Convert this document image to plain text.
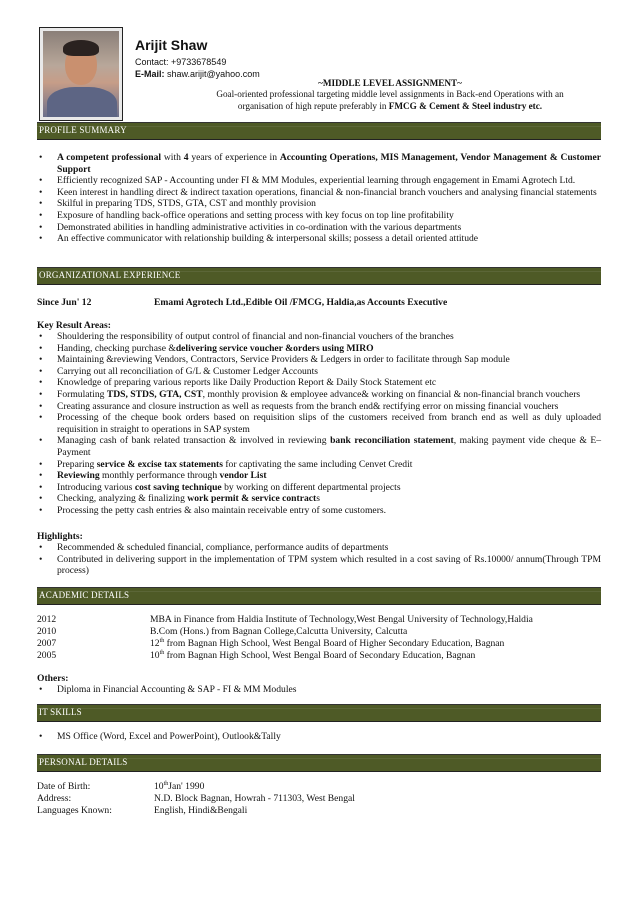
Arijit Shaw
Contact: +9733678549
E-Mail: shaw.arijit@yahoo.com
~MIDDLE LEVEL ASSIGNMENT~
Goal-oriented professional targeting middle level assignments in Back-end Operations with an
organisation of high repute preferably in FMCG & Cement & Steel industry etc.
PROFILE SUMMARY
• A competent professional with 4 years of experience in Accounting Operations, MIS Management, Vendor Management & Customer Support
• Efficiently recognized SAP - Accounting under FI & MM Modules, experiential learning through engagement in Emami Agrotech Ltd.
• Keen interest in handling direct & indirect taxation operations, financial & non-financial branch vouchers and analysing financial statements
• Skilful in preparing TDS, STDS, GTA, CST and monthly provision
• Exposure of handling back-office operations and setting process with key focus on top line profitability
• Demonstrated abilities in handling administrative activities in co-ordination with the various departments
• An effective communicator with relationship building & interpersonal skills; possess a detail oriented attitude
ORGANIZATIONAL EXPERIENCE
Since Jun' 12	Emami Agrotech Ltd.,Edible Oil /FMCG, Haldia,as Accounts Executive
Key Result Areas:
• Shouldering the responsibility of output control of financial and non-financial vouchers of the branches
• Handing, checking purchase &delivering service voucher &orders using MIRO
• Maintaining &reviewing Vendors, Contractors, Service Providers & Ledgers in order to facilitate through Sap module
• Carrying out all reconciliation of G/L & Customer Ledger Accounts
• Knowledge of preparing various reports like Daily Production Report & Daily Stock Statement etc
• Formulating TDS, STDS, GTA, CST, monthly provision & employee advance& working on financial & non-financial branch vouchers
• Creating assurance and closure instruction as well as requests from the branch end& rectifying error on missing financial vouchers
• Processing of the cheque book orders based on requisition slips of the customers received from branch end as well as duly uploaded requisition in straight to operations in SAP system
• Managing cash of bank related transaction & involved in reviewing bank reconciliation statement, making payment vide cheque & E–Payment
• Preparing service & excise tax statements for captivating the same including Cenvet Credit
• Reviewing monthly performance through vendor List
• Introducing various cost saving technique by working on different departmental projects
• Checking, analyzing & finalizing work permit & service contracts
• Processing the petty cash entries & also maintain receivable entry of some customers.
Highlights:
• Recommended & scheduled financial, compliance, performance audits of departments
• Contributed in delivering support in the implementation of TPM system which resulted in a cost saving of Rs.10000/ annum(Through TPM process)
ACADEMIC DETAILS
2012	MBA in Finance from Haldia Institute of Technology,West Bengal University of Technology,Haldia
2010	B.Com (Hons.) from Bagnan College,Calcutta University, Calcutta
2007	12th from Bagnan High School, West Bengal Board of Higher Secondary Education, Bagnan
2005	10th from Bagnan High School, West Bengal Board of Secondary Education, Bagnan
Others:
• Diploma in Financial Accounting & SAP - FI & MM Modules
IT SKILLS
• MS Office (Word, Excel and PowerPoint), Outlook&Tally
PERSONAL DETAILS
Date of Birth:	10thJan' 1990
Address:	N.D. Block Bagnan, Howrah - 711303, West Bengal
Languages Known:	English, Hindi&Bengali
